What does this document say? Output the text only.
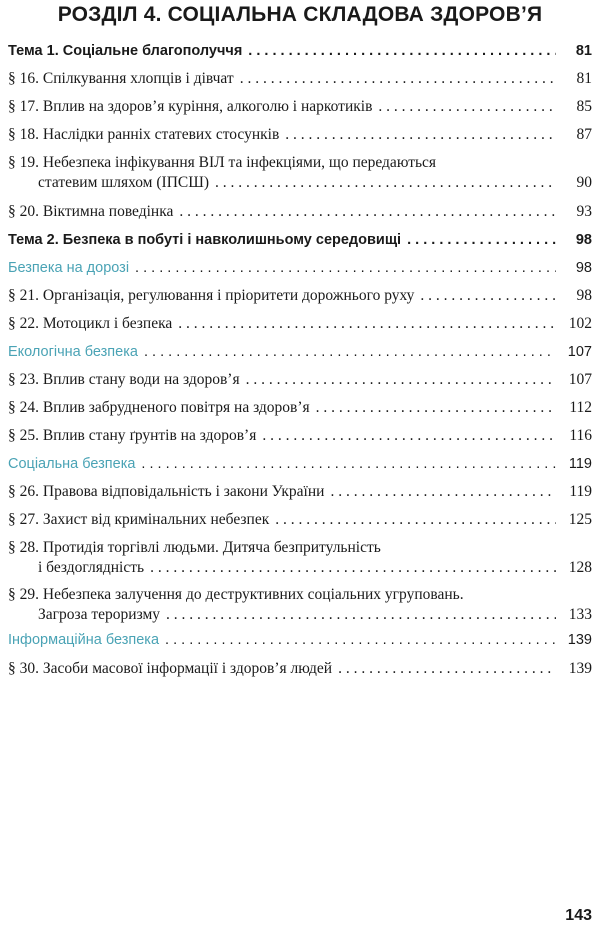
РОЗДІЛ 4. СОЦІАЛЬНА СКЛАДОВА ЗДОРОВ’Я
Тема 1. Соціальне благополуччя . . .	81
§ 16. Спілкування хлопців і дівчат . . .	81
§ 17. Вплив на здоров’я куріння, алкоголю і наркотиків . . .	85
§ 18. Наслідки ранніх статевих стосунків . . .	87
§ 19. Небезпека інфікування ВІЛ та інфекціями, що передаються
статевим шляхом (ІПСШ) . . .	90
§ 20. Віктимна поведінка . . .	93
Тема 2. Безпека в побуті і навколишньому середовищі . . .	98
Безпека на дорозі . . .	98
§ 21. Організація, регулювання і пріоритети дорожнього руху . . .	98
§ 22. Мотоцикл і безпека . . .	102
Екологічна безпека . . .	107
§ 23. Вплив стану води на здоров’я . . .	107
§ 24. Вплив забрудненого повітря на здоров’я . . .	112
§ 25. Вплив стану ґрунтів на здоров’я . . .	116
Соціальна безпека . . .	119
§ 26. Правова відповідальність і закони України . . .	119
§ 27. Захист від кримінальних небезпек . . .	125
§ 28. Протидія торгівлі людьми. Дитяча безпритульність
і бездоглядність . . .	128
§ 29. Небезпека залучення до деструктивних соціальних угруповань.
Загроза тероризму . . .	133
Інформаційна безпека . . .	139
§ 30. Засоби масової інформації і здоров’я людей . . .	139
143
